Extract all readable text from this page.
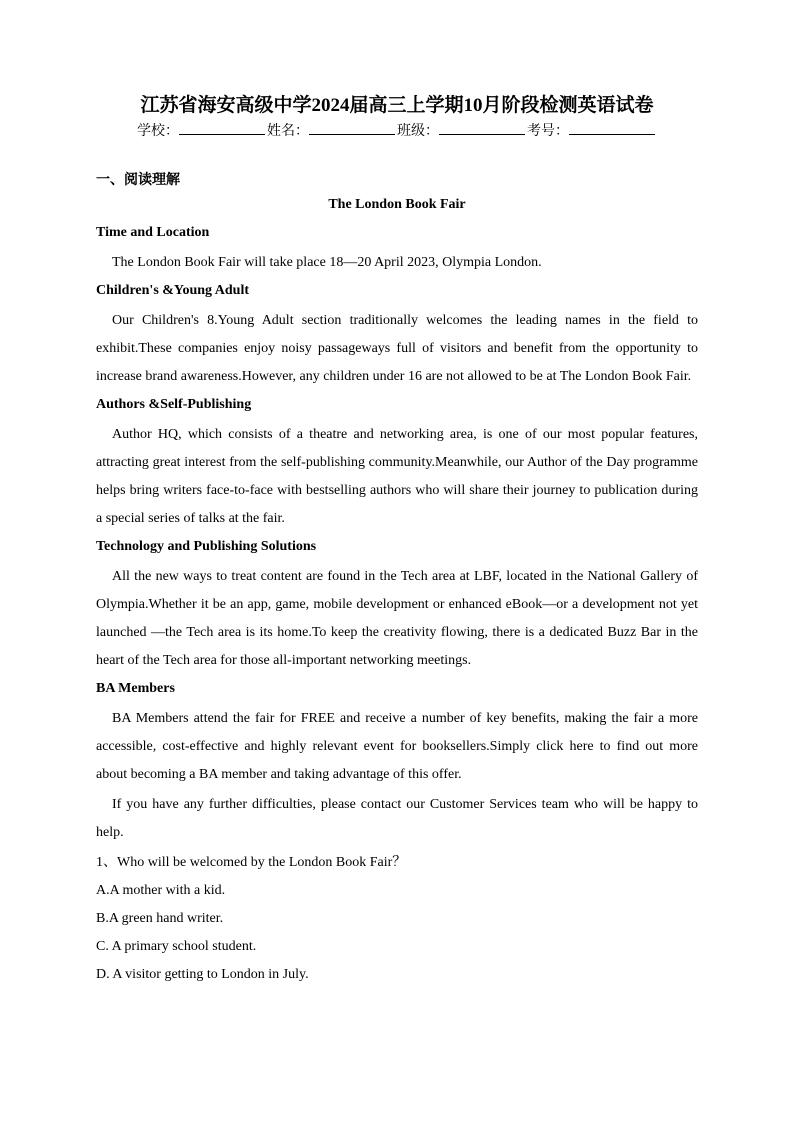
江苏省海安高级中学2024届高三上学期10月阶段检测英语试卷
学校：	姓名：	班级：	考号：
一、阅读理解
The London Book Fair
Time and Location

The London Book Fair will take place 18—20 April 2023, Olympia London.

Children's &Young Adult

Our Children's 8.Young Adult section traditionally welcomes the leading names in the field to exhibit.These companies enjoy noisy passageways full of visitors and benefit from the opportunity to increase brand awareness.However, any children under 16 are not allowed to be at The London Book Fair.

Authors &Self-Publishing

Author HQ, which consists of a theatre and networking area, is one of our most popular features, attracting great interest from the self-publishing community.Meanwhile, our Author of the Day programme helps bring writers face-to-face with bestselling authors who will share their journey to publication during a special series of talks at the fair.

Technology and Publishing Solutions

All the new ways to treat content are found in the Tech area at LBF, located in the National Gallery of Olympia.Whether it be an app, game, mobile development or enhanced eBook—or a development not yet launched —the Tech area is its home.To keep the creativity flowing, there is a dedicated Buzz Bar in the heart of the Tech area for those all-important networking meetings.

BA Members

BA Members attend the fair for FREE and receive a number of key benefits, making the fair a more accessible, cost-effective and highly relevant event for booksellers.Simply click here to find out more about becoming a BA member and taking advantage of this offer.

If you have any further difficulties, please contact our Customer Services team who will be happy to help.

1、Who will be welcomed by the London Book Fair？

A.A mother with a kid.
B.A green hand writer.
C. A primary school student.
D. A visitor getting to London in July.
